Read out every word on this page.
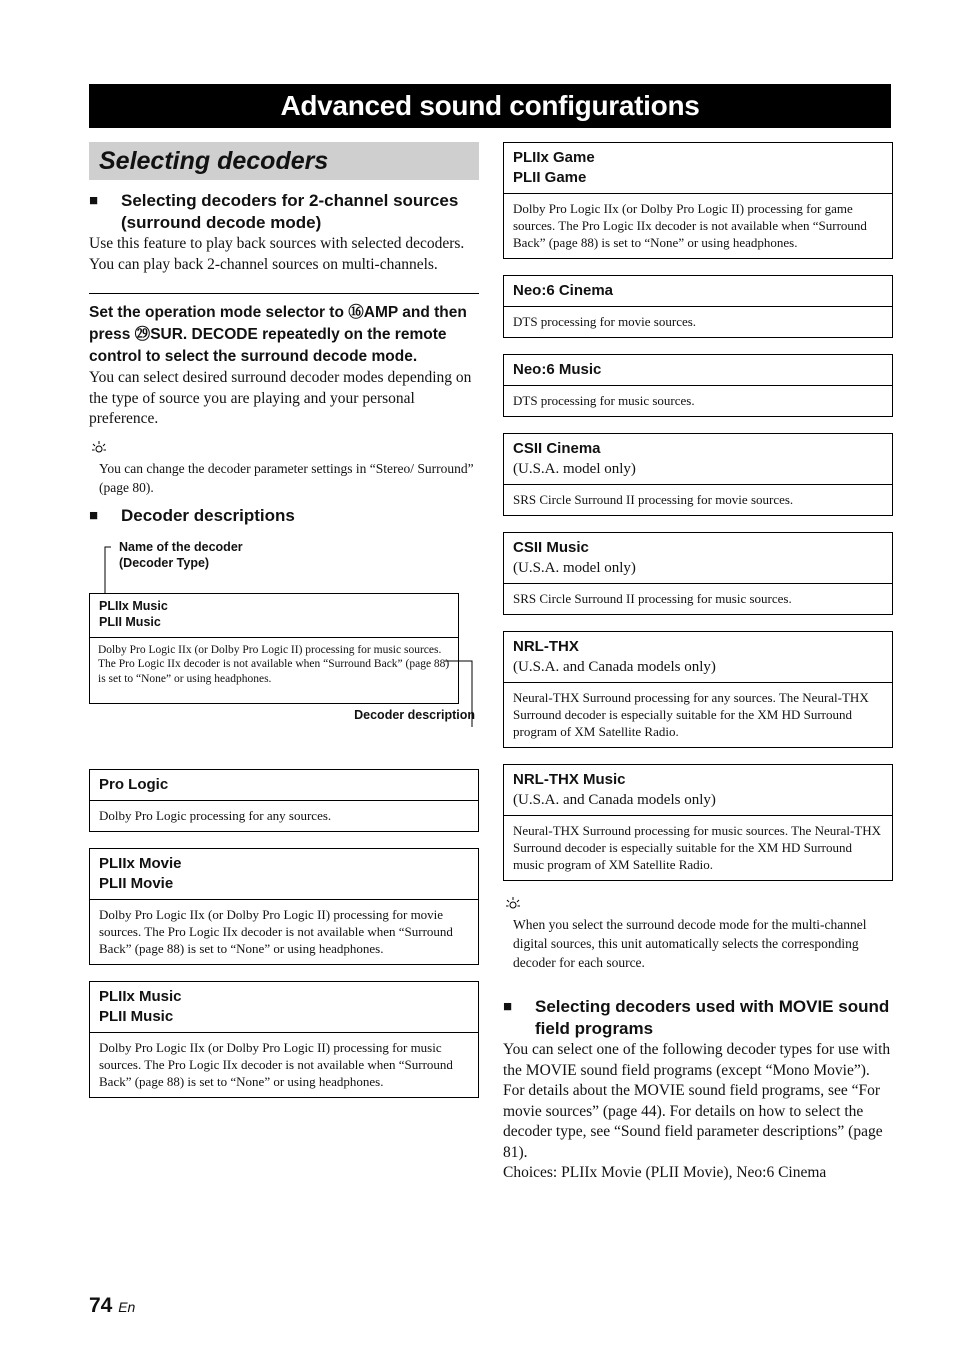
Advanced sound configurations
Selecting decoders
■ Selecting decoders for 2-channel sources (surround decode mode)

Use this feature to play back sources with selected decoders. You can play back 2-channel sources on multi-channels.

Set the operation mode selector to ⑯AMP and then press ㉙SUR. DECODE repeatedly on the remote control to select the surround decode mode.

You can select desired surround decoder modes depending on the type of source you are playing and your personal preference.

You can change the decoder parameter settings in “Stereo/ Surround” (page 80).

■ Decoder descriptions
Name of the decoder (Decoder Type)
PLIIx Music
PLII Music
Dolby Pro Logic IIx (or Dolby Pro Logic II) processing for music sources. The Pro Logic IIx decoder is not available when “Surround Back” (page 88) is set to “None” or using headphones.
Decoder description
Pro Logic
Dolby Pro Logic processing for any sources.
PLIIx Movie
PLII Movie
Dolby Pro Logic IIx (or Dolby Pro Logic II) processing for movie sources. The Pro Logic IIx decoder is not available when “Surround Back” (page 88) is set to “None” or using headphones.
PLIIx Music
PLII Music
Dolby Pro Logic IIx (or Dolby Pro Logic II) processing for music sources. The Pro Logic IIx decoder is not available when “Surround Back” (page 88) is set to “None” or using headphones.
PLIIx Game
PLII Game
Dolby Pro Logic IIx (or Dolby Pro Logic II) processing for game sources. The Pro Logic IIx decoder is not available when “Surround Back” (page 88) is set to “None” or using headphones.
Neo:6 Cinema
DTS processing for movie sources.
Neo:6 Music
DTS processing for music sources.
CSII Cinema
(U.S.A. model only)
SRS Circle Surround II processing for movie sources.
CSII Music
(U.S.A. model only)
SRS Circle Surround II processing for music sources.
NRL-THX
(U.S.A. and Canada models only)
Neural-THX Surround processing for any sources. The Neural-THX Surround decoder is especially suitable for the XM HD Surround program of XM Satellite Radio.
NRL-THX Music
(U.S.A. and Canada models only)
Neural-THX Surround processing for music sources. The Neural-THX Surround decoder is especially suitable for the XM HD Surround music program of XM Satellite Radio.

When you select the surround decode mode for the multi-channel digital sources, this unit automatically selects the corresponding decoder for each source.

■ Selecting decoders used with MOVIE sound field programs

You can select one of the following decoder types for use with the MOVIE sound field programs (except “Mono Movie”). For details about the MOVIE sound field programs, see “For movie sources” (page 44). For details on how to select the decoder type, see “Sound field parameter descriptions” (page 81).

Choices: PLIIx Movie (PLII Movie), Neo:6 Cinema

74 En
